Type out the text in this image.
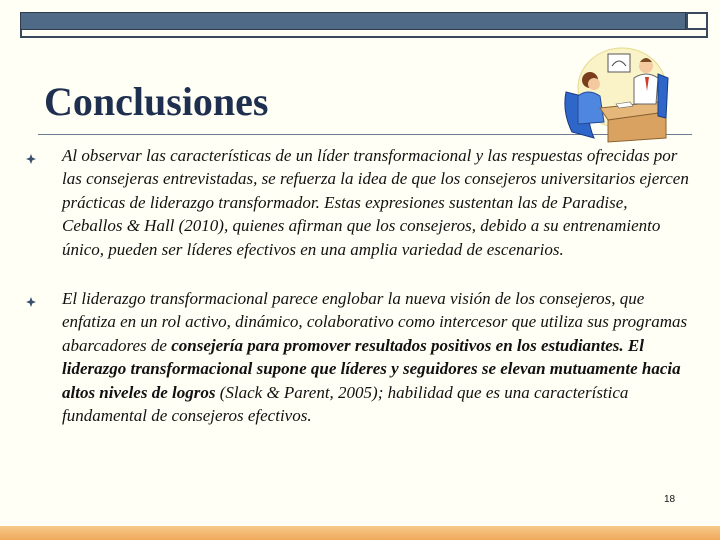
Conclusiones

Al observar las características de un líder transformacional y las respuestas ofrecidas por las consejeras entrevistadas, se refuerza la idea de que los consejeros universitarios ejercen prácticas de liderazgo transformador. Estas expresiones sustentan las de Paradise, Ceballos & Hall (2010), quienes afirman que los consejeros, debido a su entrenamiento único, pueden ser líderes efectivos en una amplia variedad de escenarios.

El liderazgo transformacional parece englobar la nueva visión de los consejeros, que enfatiza en un rol activo, dinámico, colaborativo como intercesor que utiliza sus programas abarcadores de consejería para promover resultados positivos en los estudiantes. El liderazgo transformacional supone que líderes y seguidores se elevan mutuamente hacia altos niveles de logros (Slack & Parent, 2005); habilidad que es una característica fundamental de consejeros efectivos.

18
